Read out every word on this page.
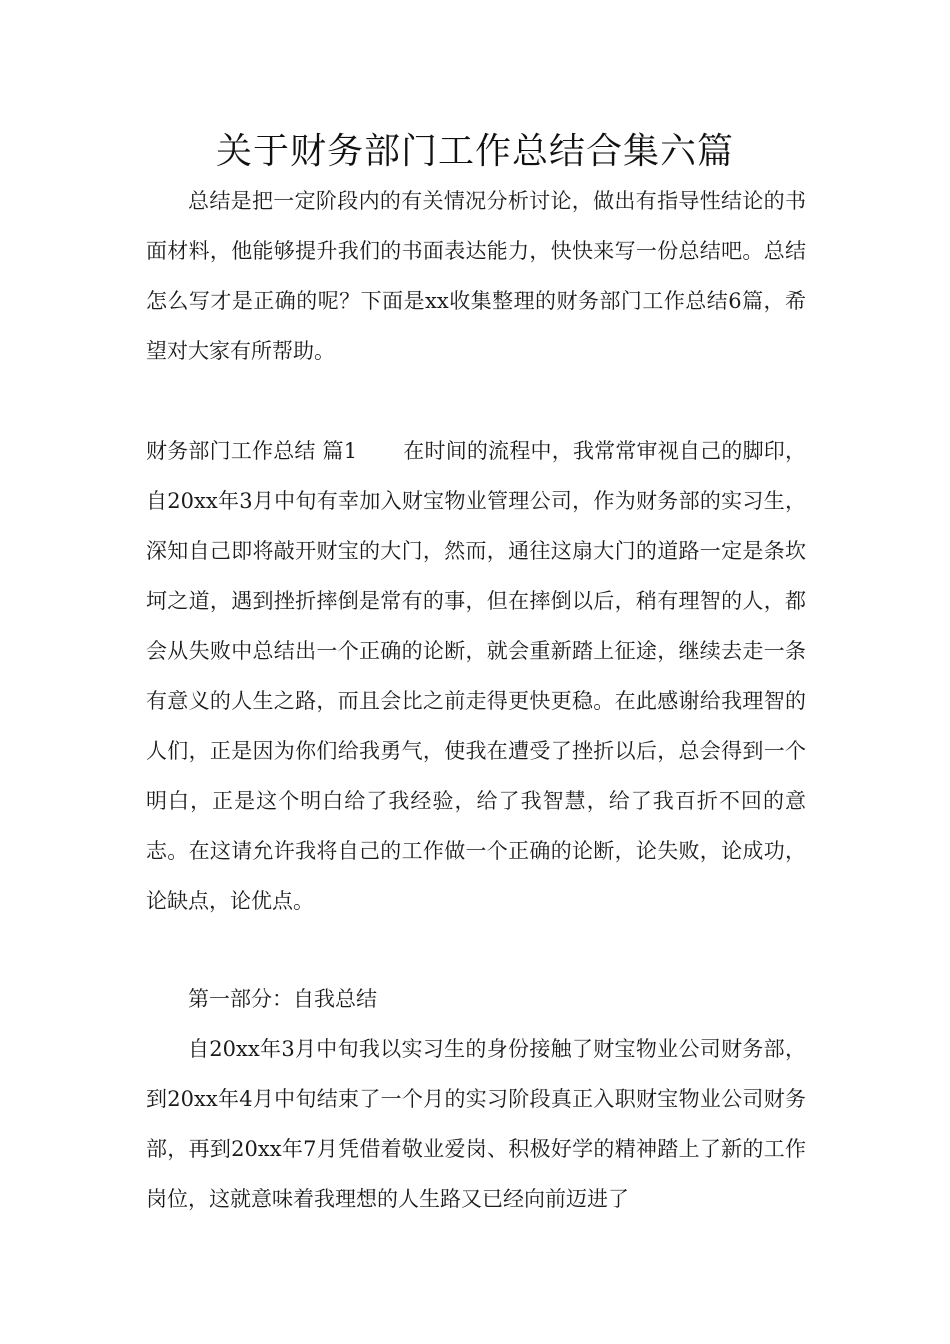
关于财务部门工作总结合集六篇

总结是把一定阶段内的有关情况分析讨论，做出有指导性结论的书面材料，他能够提升我们的书面表达能力，快快来写一份总结吧。总结怎么写才是正确的呢？下面是xx收集整理的财务部门工作总结6篇，希望对大家有所帮助。

财务部门工作总结 篇1 在时间的流程中，我常常审视自己的脚印，自20xx年3月中旬有幸加入财宝物业管理公司，作为财务部的实习生，深知自己即将敲开财宝的大门，然而，通往这扇大门的道路一定是条坎坷之道，遇到挫折摔倒是常有的事，但在摔倒以后，稍有理智的人，都会从失败中总结出一个正确的论断，就会重新踏上征途，继续去走一条有意义的人生之路，而且会比之前走得更快更稳。在此感谢给我理智的人们，正是因为你们给我勇气，使我在遭受了挫折以后，总会得到一个明白，正是这个明白给了我经验，给了我智慧，给了我百折不回的意志。在这请允许我将自己的工作做一个正确的论断，论失败，论成功，论缺点，论优点。

第一部分：自我总结

自20xx年3月中旬我以实习生的身份接触了财宝物业公司财务部，到20xx年4月中旬结束了一个月的实习阶段真正入职财宝物业公司财务部，再到20xx年7月凭借着敬业爱岗、积极好学的精神踏上了新的工作岗位，这就意味着我理想的人生路又已经向前迈进了
